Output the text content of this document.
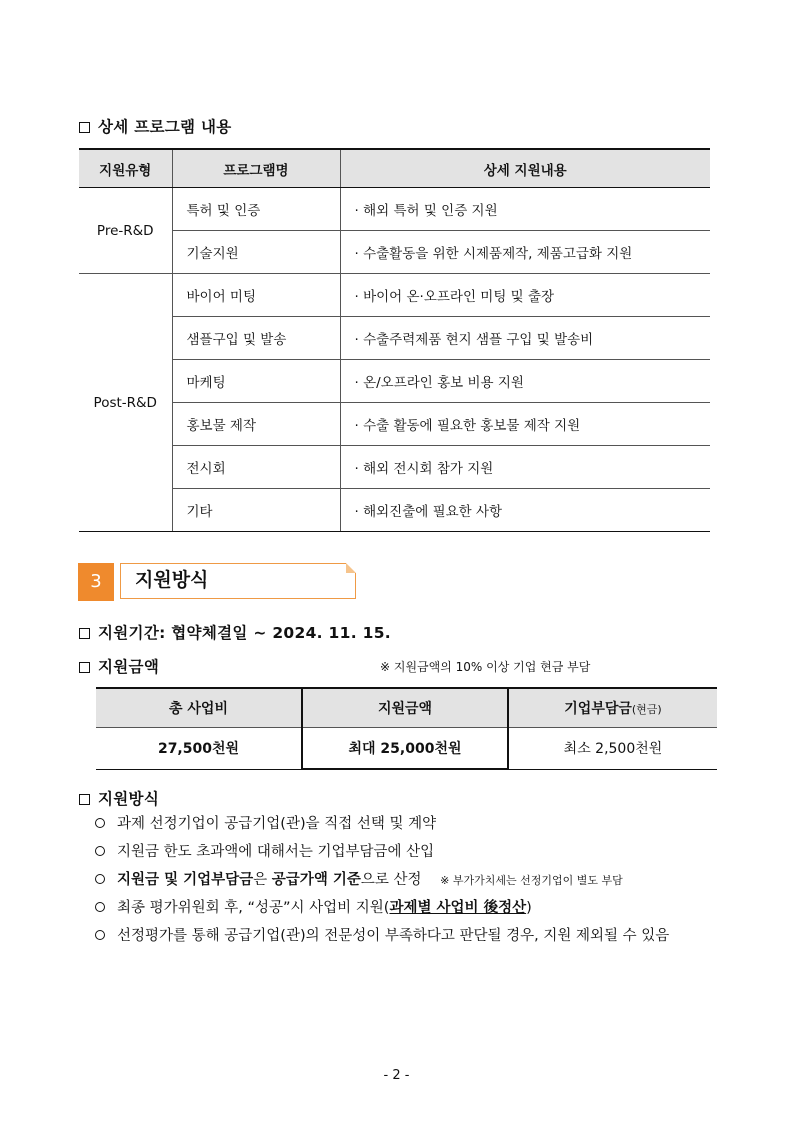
상세 프로그램 내용
지원유형	프로그램명	상세 지원내용
Pre-R&D	특허 및 인증	· 해외 특허 및 인증 지원
	기술지원	· 수출활동을 위한 시제품제작, 제품고급화 지원
Post-R&D	바이어 미팅	· 바이어 온·오프라인 미팅 및 출장
	샘플구입 및 발송	· 수출주력제품 현지 샘플 구입 및 발송비
	마케팅	· 온/오프라인 홍보 비용 지원
	홍보물 제작	· 수출 활동에 필요한 홍보물 제작 지원
	전시회	· 해외 전시회 참가 지원
	기타	· 해외진출에 필요한 사항
3	지원방식
지원기간: 협약체결일 ~ 2024. 11. 15.
지원금액	※ 지원금액의 10% 이상 기업 현금 부담
총 사업비	지원금액	기업부담금(현금)
27,500천원	최대 25,000천원	최소 2,500천원
지원방식
과제 선정기업이 공급기업(관)을 직접 선택 및 계약
지원금 한도 초과액에 대해서는 기업부담금에 산입
지원금 및 기업부담금은 공급가액 기준으로 산정 ※ 부가가치세는 선정기업이 별도 부담
최종 평가위원회 후, “성공”시 사업비 지원(과제별 사업비 後정산)
선정평가를 통해 공급기업(관)의 전문성이 부족하다고 판단될 경우, 지원 제외될 수 있음
- 2 -
